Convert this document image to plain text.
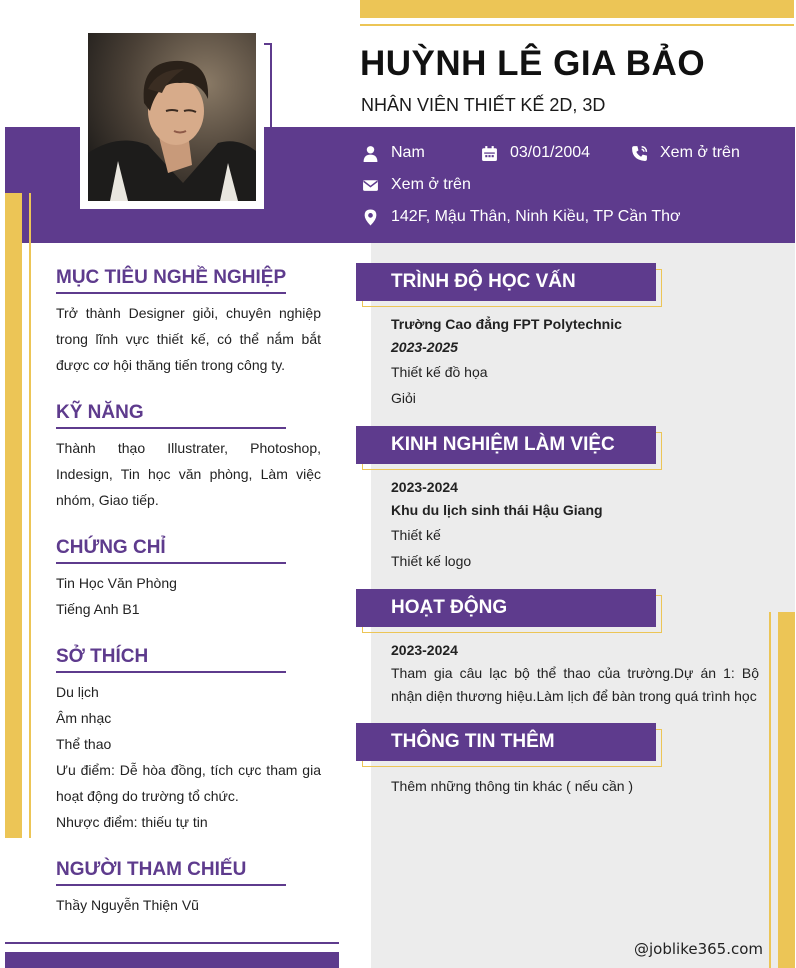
HUỲNH LÊ GIA BẢO
NHÂN VIÊN THIẾT KẾ 2D, 3D
Nam	03/01/2004	Xem ở trên
Xem ở trên
142F, Mậu Thân, Ninh Kiều, TP Cần Thơ
MỤC TIÊU NGHỀ NGHIỆP
Trở thành Designer giỏi, chuyên nghiệp trong lĩnh vực thiết kế, có thể nắm bắt được cơ hội thăng tiến trong công ty.
KỸ NĂNG
Thành thạo Illustrater, Photoshop, Indesign, Tin học văn phòng, Làm việc nhóm, Giao tiếp.
CHỨNG CHỈ
Tin Học Văn Phòng
Tiếng Anh B1
SỞ THÍCH
Du lịch
Âm nhạc
Thể thao
Ưu điểm: Dễ hòa đồng, tích cực tham gia hoạt động do trường tổ chức.
Nhược điểm: thiếu tự tin
NGƯỜI THAM CHIẾU
Thầy Nguyễn Thiện Vũ
TRÌNH ĐỘ HỌC VẤN
Trường Cao đẳng FPT Polytechnic
2023-2025
Thiết kế đồ họa
Giỏi
KINH NGHIỆM LÀM VIỆC
2023-2024
Khu du lịch sinh thái Hậu Giang
Thiết kế
Thiết kế logo
HOẠT ĐỘNG
2023-2024
Tham gia câu lạc bộ thể thao của trường.Dự án 1: Bộ nhận diện thương hiệu.Làm lịch để bàn trong quá trình học
THÔNG TIN THÊM
Thêm những thông tin khác ( nếu cần )
@joblike365.com
